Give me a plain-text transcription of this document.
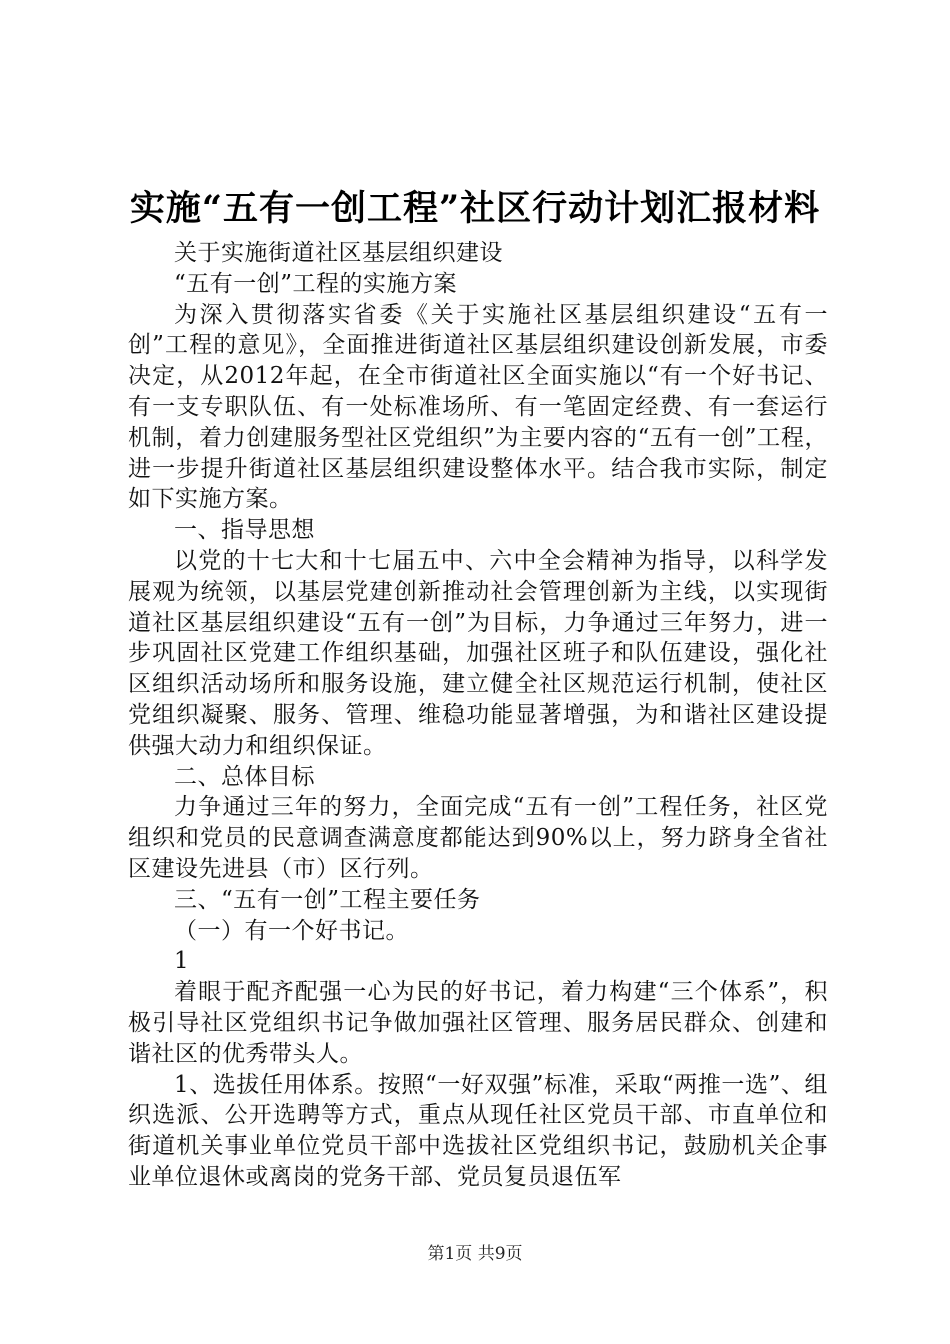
实施“五有一创工程”社区行动计划汇报材料

关于实施街道社区基层组织建设

“五有一创”工程的实施方案

为深入贯彻落实省委《关于实施社区基层组织建设“五有一创”工程的意见》，全面推进街道社区基层组织建设创新发展，市委决定，从2012年起，在全市街道社区全面实施以“有一个好书记、有一支专职队伍、有一处标准场所、有一笔固定经费、有一套运行机制，着力创建服务型社区党组织”为主要内容的“五有一创”工程，进一步提升街道社区基层组织建设整体水平。结合我市实际，制定如下实施方案。

一、指导思想

以党的十七大和十七届五中、六中全会精神为指导，以科学发展观为统领，以基层党建创新推动社会管理创新为主线，以实现街道社区基层组织建设“五有一创”为目标，力争通过三年努力，进一步巩固社区党建工作组织基础，加强社区班子和队伍建设，强化社区组织活动场所和服务设施，建立健全社区规范运行机制，使社区党组织凝聚、服务、管理、维稳功能显著增强，为和谐社区建设提供强大动力和组织保证。

二、总体目标

力争通过三年的努力，全面完成“五有一创”工程任务，社区党组织和党员的民意调查满意度都能达到90%以上，努力跻身全省社区建设先进县（市）区行列。

三、“五有一创”工程主要任务

（一）有一个好书记。

1

着眼于配齐配强一心为民的好书记，着力构建“三个体系”，积极引导社区党组织书记争做加强社区管理、服务居民群众、创建和谐社区的优秀带头人。

1、选拔任用体系。按照“一好双强”标准，采取“两推一选”、组织选派、公开选聘等方式，重点从现任社区党员干部、市直单位和街道机关事业单位党员干部中选拔社区党组织书记，鼓励机关企事业单位退休或离岗的党务干部、党员复员退伍军

第1页 共9页
